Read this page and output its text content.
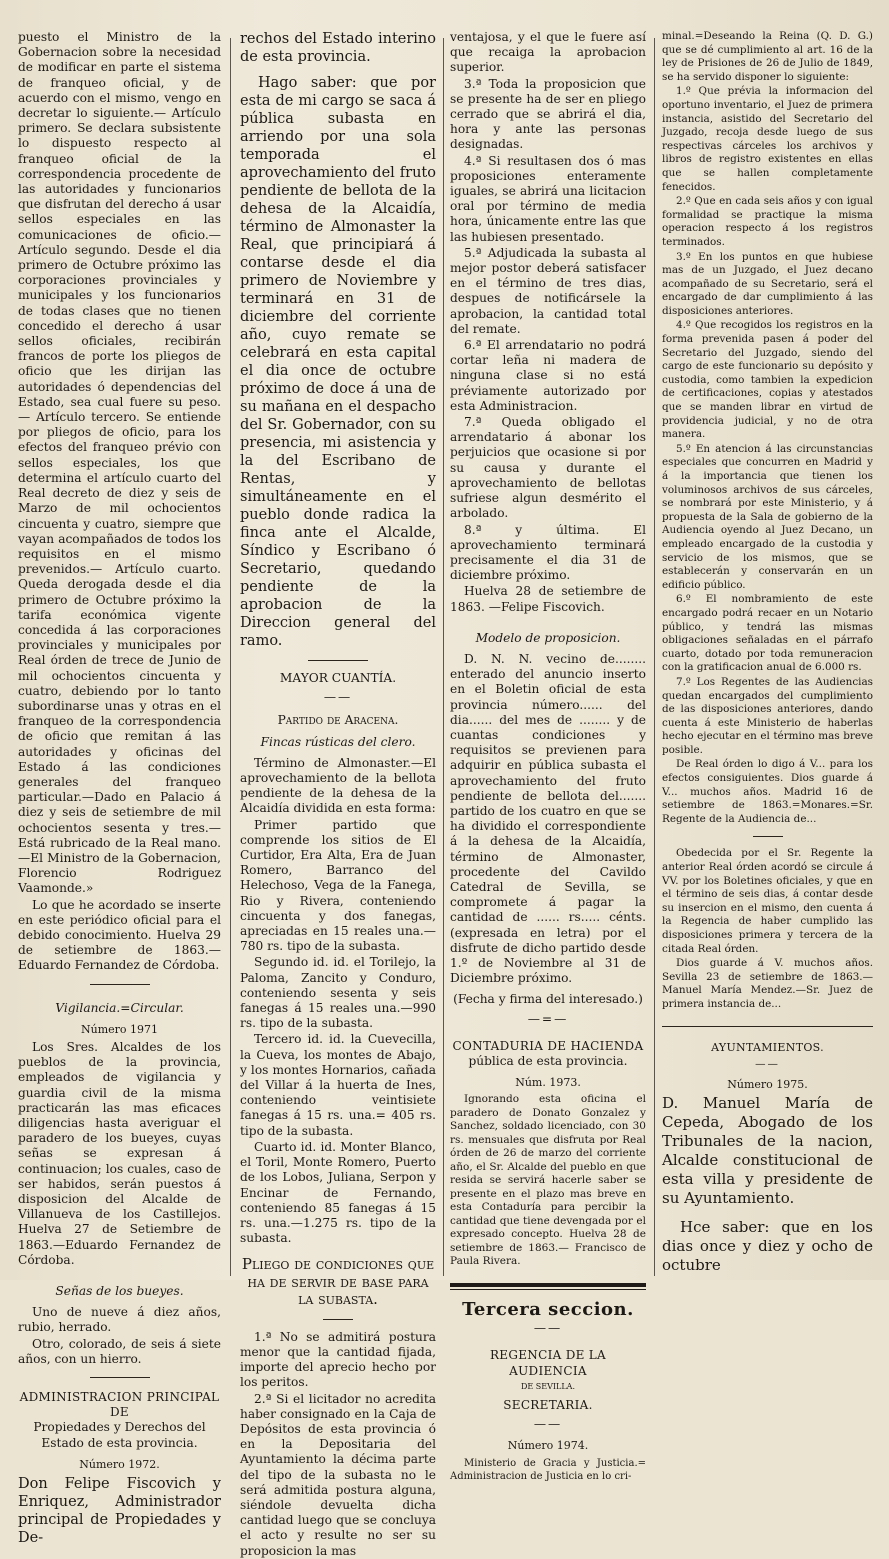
puesto el Ministro de la Gobernacion sobre la necesidad de modificar en parte el sistema de franqueo oficial, y de acuerdo con el mismo, vengo en decretar lo siguiente.— Artículo primero. Se declara subsistente lo dispuesto respecto al franqueo oficial de la correspondencia procedente de las autoridades y funcionarios que disfrutan del derecho á usar sellos especiales en las comunicaciones de oficio.—Artículo segundo. Desde el dia primero de Octubre próximo las corporaciones provinciales y municipales y los funcionarios de todas clases que no tienen concedido el derecho á usar sellos oficiales, recibirán francos de porte los pliegos de oficio que les dirijan las autoridades ó dependencias del Estado, sea cual fuere su peso.— Artículo tercero. Se entiende por pliegos de oficio, para los efectos del franqueo prévio con sellos especiales, los que determina el artículo cuarto del Real decreto de diez y seis de Marzo de mil ochocientos cincuenta y cuatro, siempre que vayan acompañados de todos los requisitos en el mismo prevenidos.— Artículo cuarto. Queda derogada desde el dia primero de Octubre próximo la tarifa económica vigente concedida á las corporaciones provinciales y municipales por Real órden de trece de Junio de mil ochocientos cincuenta y cuatro, debiendo por lo tanto subordinarse unas y otras en el franqueo de la correspondencia de oficio que remitan á las autoridades y oficinas del Estado á las condiciones generales del franqueo particular.—Dado en Palacio á diez y seis de setiembre de mil ochocientos sesenta y tres.— Está rubricado de la Real mano.—El Ministro de la Gobernacion, Florencio Rodriguez Vaamonde.»

Lo que he acordado se inserte en este periódico oficial para el debido conocimiento. Huelva 29 de setiembre de 1863.—Eduardo Fernandez de Córdoba.

Vigilancia.=Circular.

Número 1971

Los Sres. Alcaldes de los pueblos de la provincia, empleados de vigilancia y guardia civil de la misma practicarán las mas eficaces diligencias hasta averiguar el paradero de los bueyes, cuyas señas se expresan á continuacion; los cuales, caso de ser habidos, serán puestos á disposicion del Alcalde de Villanueva de los Castillejos. Huelva 27 de Setiembre de 1863.—Eduardo Fernandez de Córdoba.

Señas de los bueyes.

Uno de nueve á diez años, rubio, herrado.

Otro, colorado, de seis á siete años, con un hierro.

ADMINISTRACION PRINCIPAL DE

Propiedades y Derechos del Estado de esta provincia.

Número 1972.

Don Felipe Fiscovich y Enriquez, Administrador principal de Propiedades y De-

rechos del Estado interino de esta provincia.

Hago saber: que por esta de mi cargo se saca á pública subasta en arriendo por una sola temporada el aprovechamiento del fruto pendiente de bellota de la dehesa de la Alcaidía, término de Almonaster la Real, que principiará á contarse desde el dia primero de Noviembre y terminará en 31 de diciembre del corriente año, cuyo remate se celebrará en esta capital el dia once de octubre próximo de doce á una de su mañana en el despacho del Sr. Gobernador, con su presencia, mi asistencia y la del Escribano de Rentas, y simultáneamente en el pueblo donde radica la finca ante el Alcalde, Síndico y Escribano ó Secretario, quedando pendiente de la aprobacion de la Direccion general del ramo.

MAYOR CUANTÍA.

——

Partido de Aracena.

Fincas rústicas del clero.

Término de Almonaster.—El aprovechamiento de la bellota pendiente de la dehesa de la Alcaidía dividida en esta forma:

Primer partido que comprende los sitios de El Curtidor, Era Alta, Era de Juan Romero, Barranco del Helechoso, Vega de la Fanega, Rio y Rivera, conteniendo cincuenta y dos fanegas, apreciadas en 15 reales una.—780 rs. tipo de la subasta.

Segundo id. id. el Torilejo, la Paloma, Zancito y Conduro, conteniendo sesenta y seis fanegas á 15 reales una.—990 rs. tipo de la subasta.

Tercero id. id. la Cuevecilla, la Cueva, los montes de Abajo, y los montes Hornarios, cañada del Villar á la huerta de Ines, conteniendo veintisiete fanegas á 15 rs. una.= 405 rs. tipo de la subasta.

Cuarto id. id. Monter Blanco, el Toril, Monte Romero, Puerto de los Lobos, Juliana, Serpon y Encinar de Fernando, conteniendo 85 fanegas á 15 rs. una.—1.275 rs. tipo de la subasta.

Pliego de condiciones que ha de servir de base para la subasta.

1.ª No se admitirá postura menor que la cantidad fijada, importe del aprecio hecho por los peritos.

2.ª Si el licitador no acredita haber consignado en la Caja de Depósitos de esta provincia ó en la Depositaria del Ayuntamiento la décima parte del tipo de la subasta no le será admitida postura alguna, siéndole devuelta dicha cantidad luego que se concluya el acto y resulte no ser su proposicion la mas

ventajosa, y el que le fuere así que recaiga la aprobacion superior.

3.ª Toda la proposicion que se presente ha de ser en pliego cerrado que se abrirá el dia, hora y ante las personas designadas.

4.ª Si resultasen dos ó mas proposiciones enteramente iguales, se abrirá una licitacion oral por término de media hora, únicamente entre las que las hubiesen presentado.

5.ª Adjudicada la subasta al mejor postor deberá satisfacer en el término de tres dias, despues de notificársele la aprobacion, la cantidad total del remate.

6.ª El arrendatario no podrá cortar leña ni madera de ninguna clase si no está préviamente autorizado por esta Administracion.

7.ª Queda obligado el arrendatario á abonar los perjuicios que ocasione si por su causa y durante el aprovechamiento de bellotas sufriese algun desmérito el arbolado.

8.ª y última. El aprovechamiento terminará precisamente el dia 31 de diciembre próximo.

Huelva 28 de setiembre de 1863. —Felipe Fiscovich.

Modelo de proposicion.

D. N. N. vecino de........ enterado del anuncio inserto en el Boletin oficial de esta provincia número...... del dia...... del mes de ........ y de cuantas condiciones y requisitos se previenen para adquirir en pública subasta el aprovechamiento del fruto pendiente de bellota del....... partido de los cuatro en que se ha dividido el correspondiente á la dehesa de la Alcaidía, término de Almonaster, procedente del Cavildo Catedral de Sevilla, se compromete á pagar la cantidad de ...... rs..... cénts. (expresada en letra) por el disfrute de dicho partido desde 1.º de Noviembre al 31 de Diciembre próximo.

(Fecha y firma del interesado.)

—=—

CONTADURIA DE HACIENDA

pública de esta provincia.

Núm. 1973.

Ignorando esta oficina el paradero de Donato Gonzalez y Sanchez, soldado licenciado, con 30 rs. mensuales que disfruta por Real órden de 26 de marzo del corriente año, el Sr. Alcalde del pueblo en que resida se servirá hacerle saber se presente en el plazo mas breve en esta Contaduría para percibir la cantidad que tiene devengada por el expresado concepto. Huelva 28 de setiembre de 1863.— Francisco de Paula Rivera.

Tercera seccion.

——

REGENCIA DE LA AUDIENCIA

DE SEVILLA.

SECRETARIA.

——

Número 1974.

Ministerio de Gracia y Justicia.= Administracion de Justicia en lo cri-

minal.=Deseando la Reina (Q. D. G.) que se dé cumplimiento al art. 16 de la ley de Prisiones de 26 de Julio de 1849, se ha servido disponer lo siguiente:

1.º Que prévia la informacion del oportuno inventario, el Juez de primera instancia, asistido del Secretario del Juzgado, recoja desde luego de sus respectivas cárceles los archivos y libros de registro existentes en ellas que se hallen completamente fenecidos.

2.º Que en cada seis años y con igual formalidad se practique la misma operacion respecto á los registros terminados.

3.º En los puntos en que hubiese mas de un Juzgado, el Juez decano acompañado de su Secretario, será el encargado de dar cumplimiento á las disposiciones anteriores.

4.º Que recogidos los registros en la forma prevenida pasen á poder del Secretario del Juzgado, siendo del cargo de este funcionario su depósito y custodia, como tambien la expedicion de certificaciones, copias y atestados que se manden librar en virtud de providencia judicial, y no de otra manera.

5.º En atencion á las circunstancias especiales que concurren en Madrid y á la importancia que tienen los voluminosos archivos de sus cárceles, se nombrará por este Ministerio, y á propuesta de la Sala de gobierno de la Audiencia oyendo al Juez Decano, un empleado encargado de la custodia y servicio de los mismos, que se establecerán y conservarán en un edificio público.

6.º El nombramiento de este encargado podrá recaer en un Notario público, y tendrá las mismas obligaciones señaladas en el párrafo cuarto, dotado por toda remuneracion con la gratificacion anual de 6.000 rs.

7.º Los Regentes de las Audiencias quedan encargados del cumplimiento de las disposiciones anteriores, dando cuenta á este Ministerio de haberlas hecho ejecutar en el término mas breve posible.

De Real órden lo digo á V... para los efectos consiguientes. Dios guarde á V... muchos años. Madrid 16 de setiembre de 1863.=Monares.=Sr. Regente de la Audiencia de...

Obedecida por el Sr. Regente la anterior Real órden acordó se circule á VV. por los Boletines oficiales, y que en el término de seis dias, á contar desde su insercion en el mismo, den cuenta á la Regencia de haber cumplido las disposiciones primera y tercera de la citada Real órden.

Dios guarde á V. muchos años. Sevilla 23 de setiembre de 1863.—Manuel María Mendez.—Sr. Juez de primera instancia de...

AYUNTAMIENTOS.

——

Número 1975.

D. Manuel María de Cepeda, Abogado de los Tribunales de la nacion, Alcalde constitucional de esta villa y presidente de su Ayuntamiento.

Hce saber: que en los dias once y diez y ocho de octubre
